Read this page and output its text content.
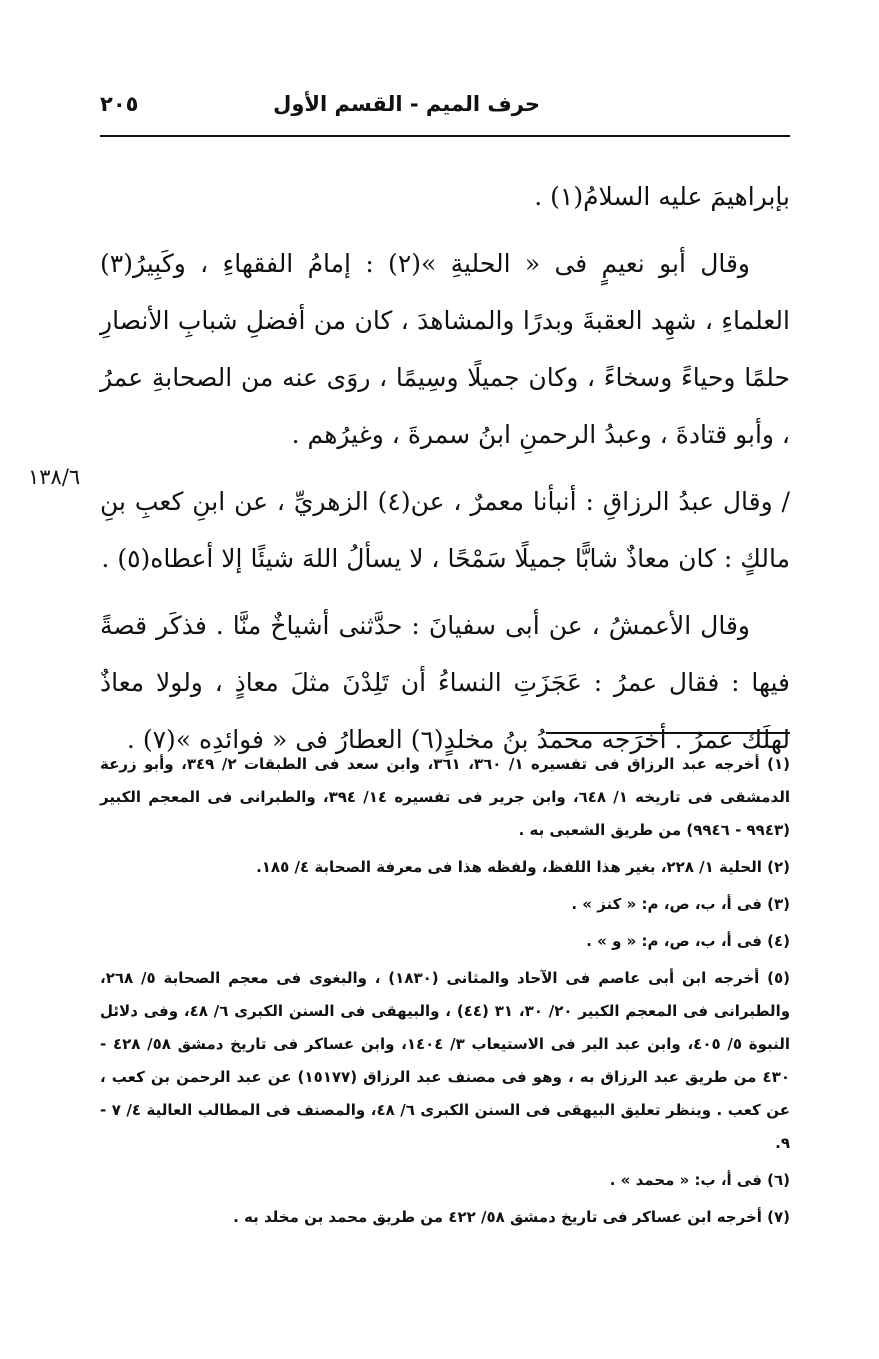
حرف الميم - القسم الأول
٢٠٥
١٣٨/٦

بإبراهيمَ عليه السلامُ(١) .

وقال أبو نعيمٍ فى « الحليةِ »(٢) : إمامُ الفقهاءِ ، وكَبِيرُ(٣) العلماءِ ، شهِد العقبةَ وبدرًا والمشاهدَ ، كان من أفضلِ شبابِ الأنصارِ حلمًا وحياءً وسخاءً ، وكان جميلًا وسِيمًا ، روَى عنه من الصحابةِ عمرُ ، وأبو قتادةَ ، وعبدُ الرحمنِ ابنُ سمرةَ ، وغيرُهم .

/ وقال عبدُ الرزاقِ : أنبأنا معمرٌ ، عن(٤) الزهريِّ ، عن ابنِ كعبِ بنِ مالكٍ : كان معاذٌ شابًّا جميلًا سَمْحًا ، لا يسألُ اللهَ شيئًا إلا أعطاه(٥) .

وقال الأعمشُ ، عن أبى سفيانَ : حدَّثنى أشياخٌ منَّا . فذكَر قصةً فيها : فقال عمرُ : عَجَزَتِ النساءُ أن تَلِدْنَ مثلَ معاذٍ ، ولولا معاذٌ لهلَك عمرُ . أخرَجه محمدُ بنُ مخلدٍ(٦) العطارُ فى « فوائدِه »(٧) .

(١) أخرجه عبد الرزاق فى تفسيره ١/ ٣٦٠، ٣٦١، وابن سعد فى الطبقات ٢/ ٣٤٩، وأبو زرعة الدمشقى فى تاريخه ١/ ٦٤٨، وابن جرير فى تفسيره ١٤/ ٣٩٤، والطبرانى فى المعجم الكبير (٩٩٤٣ - ٩٩٤٦) من طريق الشعبى به .

(٢) الحلية ١/ ٢٢٨، بغير هذا اللفظ، ولفظه هذا فى معرفة الصحابة ٤/ ١٨٥.

(٣) فى أ، ب، ص، م: « كنز » .

(٤) فى أ، ب، ص، م: « و » .

(٥) أخرجه ابن أبى عاصم فى الآحاد والمثانى (١٨٣٠) ، والبغوى فى معجم الصحابة ٥/ ٢٦٨، والطبرانى فى المعجم الكبير ٢٠/ ٣٠، ٣١ (٤٤) ، والبيهقى فى السنن الكبرى ٦/ ٤٨، وفى دلائل النبوة ٥/ ٤٠٥، وابن عبد البر فى الاستيعاب ٣/ ١٤٠٤، وابن عساكر فى تاريخ دمشق ٥٨/ ٤٢٨ - ٤٣٠ من طريق عبد الرزاق به ، وهو فى مصنف عبد الرزاق (١٥١٧٧) عن عبد الرحمن بن كعب ، عن كعب . وينظر تعليق البيهقى فى السنن الكبرى ٦/ ٤٨، والمصنف فى المطالب العالية ٤/ ٧ - ٩.

(٦) فى أ، ب: « محمد » .

(٧) أخرجه ابن عساكر فى تاريخ دمشق ٥٨/ ٤٢٢ من طريق محمد بن مخلد به .
